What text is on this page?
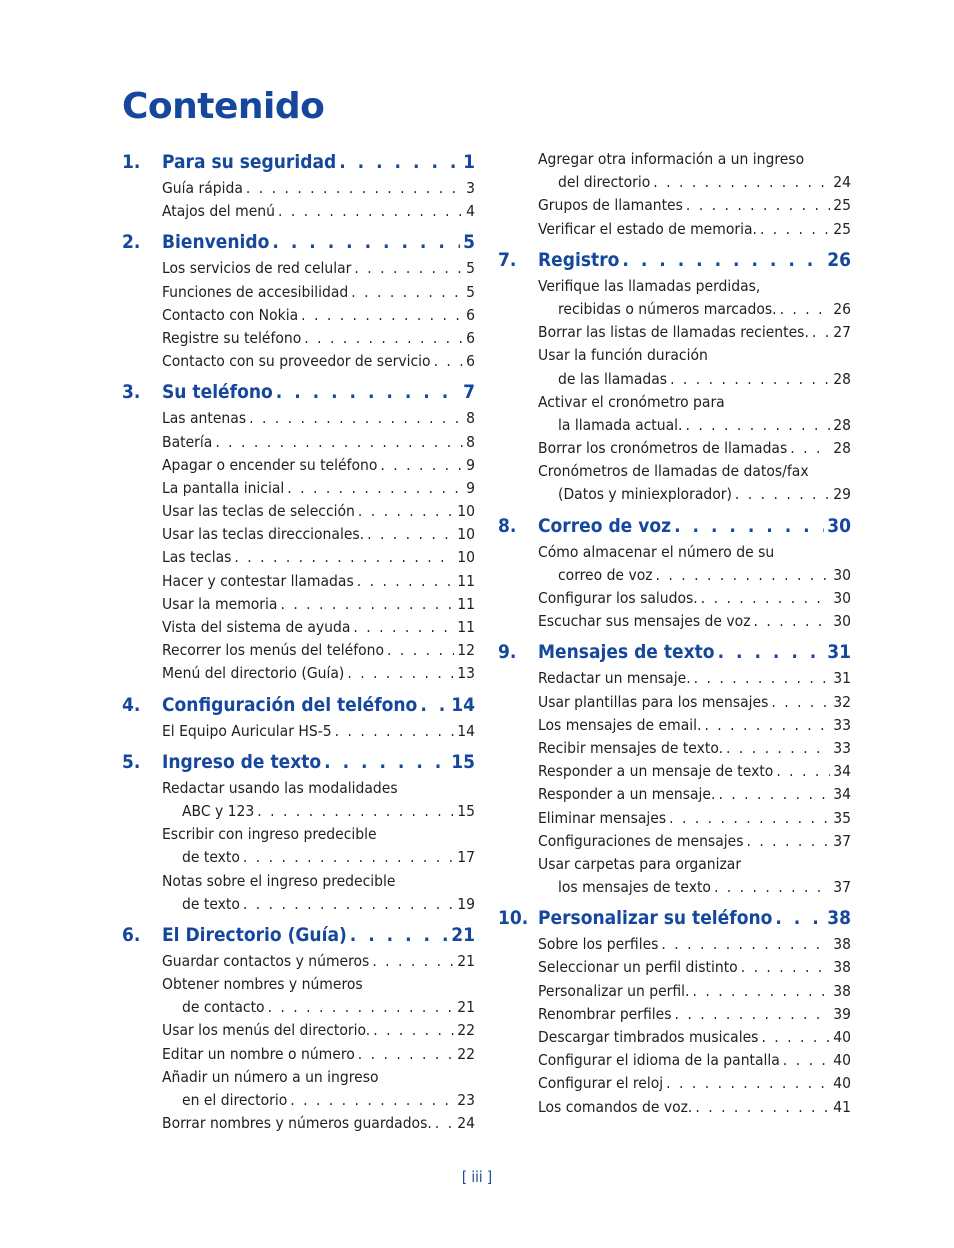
Contenido
1.	Para su seguridad . . .	1
Guía rápida . . .	3
Atajos del menú . . .	4
2.	Bienvenido . . .	5
Los servicios de red celular . . .	5
Funciones de accesibilidad . . .	5
Contacto con Nokia . . .	6
Registre su teléfono . . .	6
Contacto con su proveedor de servicio . . . 6
3.	Su teléfono . . .	7
Las antenas . . .	8
Batería . . .	8
Apagar o encender su teléfono . . .	9
La pantalla inicial . . .	9
Usar las teclas de selección . . .	10
Usar las teclas direccionales. . . .	10
Las teclas . . .	10
Hacer y contestar llamadas . . .	11
Usar la memoria . . .	11
Vista del sistema de ayuda . . .	11
Recorrer los menús del teléfono . . .	12
Menú del directorio (Guía) . . .	13
4.	Configuración del teléfono . . . 14
El Equipo Auricular HS-5 . . .	14
5.	Ingreso de texto . . .	15
Redactar usando las modalidades
ABC y 123 . . .	15
Escribir con ingreso predecible
de texto . . .	17
Notas sobre el ingreso predecible
de texto . . .	19
6.	El Directorio (Guía) . . .	21
Guardar contactos y números . . .	21
Obtener nombres y números
de contacto . . .	21
Usar los menús del directorio. . . .	22
Editar un nombre o número . . .	22
Añadir un número a un ingreso
en el directorio . . .	23
Borrar nombres y números guardados. . . . 24
Agregar otra información a un ingreso
del directorio . . .	24
Grupos de llamantes . . .	25
Verificar el estado de memoria. . . .	25
7.	Registro . . .	26
Verifique las llamadas perdidas,
recibidas o números marcados. . . .	26
Borrar las listas de llamadas recientes. . . . 27
Usar la función duración
de las llamadas . . .	28
Activar el cronómetro para
la llamada actual. . . .	28
Borrar los cronómetros de llamadas . . .	28
Cronómetros de llamadas de datos/fax
(Datos y miniexplorador) . . .	29
8.	Correo de voz . . .	30
Cómo almacenar el número de su
correo de voz . . .	30
Configurar los saludos. . . .	30
Escuchar sus mensajes de voz . . .	30
9.	Mensajes de texto . . .	31
Redactar un mensaje. . . .	31
Usar plantillas para los mensajes . . .	32
Los mensajes de email. . . .	33
Recibir mensajes de texto. . . .	33
Responder a un mensaje de texto . . .	34
Responder a un mensaje. . . .	34
Eliminar mensajes . . .	35
Configuraciones de mensajes . . .	37
Usar carpetas para organizar
los mensajes de texto . . .	37
10. Personalizar su teléfono . . .	38
Sobre los perfiles . . .	38
Seleccionar un perfil distinto . . .	38
Personalizar un perfil. . . .	38
Renombrar perfiles . . .	39
Descargar timbrados musicales . . .	40
Configurar el idioma de la pantalla . . .	40
Configurar el reloj . . .	40
Los comandos de voz. . . .	41
[ iii ]
